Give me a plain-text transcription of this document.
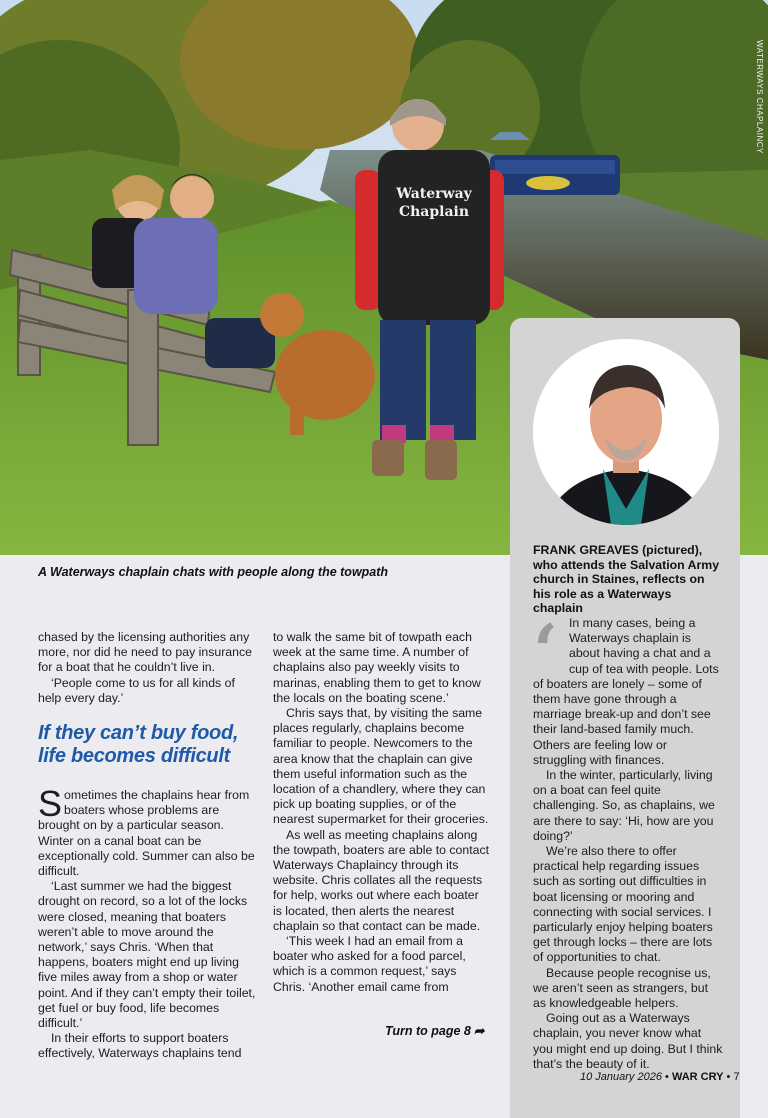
Waterway
Chaplain
WATERWAYS CHAPLAINCY
A Waterways chaplain chats with people along the towpath

chased by the licensing authorities any more, nor did he need to pay insurance for a boat that he couldn’t live in.

‘People come to us for all kinds of help every day.’

If they can’t buy food, life becomes difficult

Sometimes the chaplains hear from boaters whose problems are brought on by a particular season. Winter on a canal boat can be exceptionally cold. Summer can also be difficult.

‘Last summer we had the biggest drought on record, so a lot of the locks were closed, meaning that boaters weren’t able to move around the network,’ says Chris. ‘When that happens, boaters might end up living five miles away from a shop or water point. And if they can’t empty their toilet, get fuel or buy food, life becomes difficult.’

In their efforts to support boaters effectively, Waterways chaplains tend

to walk the same bit of towpath each week at the same time. A number of chaplains also pay weekly visits to marinas, enabling them to get to know the locals on the boating scene.’

Chris says that, by visiting the same places regularly, chaplains become familiar to people. Newcomers to the area know that the chaplain can give them useful information such as the location of a chandlery, where they can pick up boating supplies, or of the nearest supermarket for their groceries.

As well as meeting chaplains along the towpath, boaters are able to contact Waterways Chaplaincy through its website. Chris collates all the requests for help, works out where each boater is located, then alerts the nearest chaplain so that contact can be made.

‘This week I had an email from a boater who asked for a food parcel, which is a common request,’ says Chris. ‘Another email came from

Turn to page 8 ➦
FRANK GREAVES (pictured), who attends the Salvation Army church in Staines, reflects on his role as a Waterways chaplain

‘ In many cases, being a Waterways chaplain is about having a chat and a cup of tea with people. Lots of boaters are lonely – some of them have gone through a marriage break-up and don’t see their land-based family much. Others are feeling low or struggling with finances.

In the winter, particularly, living on a boat can feel quite challenging. So, as chaplains, we are there to say: ‘Hi, how are you doing?’

We’re also there to offer practical help regarding issues such as sorting out difficulties in boat licensing or mooring and connecting with social services. I particularly enjoy helping boaters get through locks – there are lots of opportunities to chat.

Because people recognise us, we aren’t seen as strangers, but as knowledgeable helpers.

Going out as a Waterways chaplain, you never know what you might end up doing. But I think that’s the beauty of it.

10 January 2026 • WAR CRY • 7
